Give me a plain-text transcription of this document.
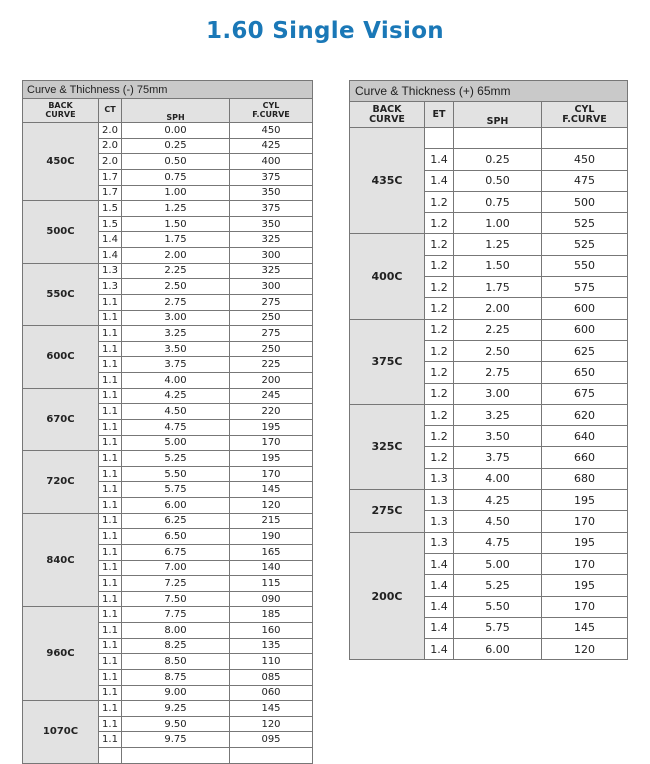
1.60 Single Vision
Curve & Thichness (-) 75mm			
BACK
CURVE	CT	SPH	CYL
F.CURVE
450C	2.0	0.00	450
	2.0	0.25	425
	2.0	0.50	400
	1.7	0.75	375
	1.7	1.00	350
500C	1.5	1.25	375
	1.5	1.50	350
	1.4	1.75	325
	1.4	2.00	300
550C	1.3	2.25	325
	1.3	2.50	300
	1.1	2.75	275
	1.1	3.00	250
600C	1.1	3.25	275
	1.1	3.50	250
	1.1	3.75	225
	1.1	4.00	200
670C	1.1	4.25	245
	1.1	4.50	220
	1.1	4.75	195
	1.1	5.00	170
720C	1.1	5.25	195
	1.1	5.50	170
	1.1	5.75	145
	1.1	6.00	120
840C	1.1	6.25	215
	1.1	6.50	190
	1.1	6.75	165
	1.1	7.00	140
	1.1	7.25	115
	1.1	7.50	090
960C	1.1	7.75	185
	1.1	8.00	160
	1.1	8.25	135
	1.1	8.50	110
	1.1	8.75	085
	1.1	9.00	060
1070C	1.1	9.25	145
	1.1	9.50	120
	1.1	9.75	095

Curve & Thickness (+) 65mm			
BACK
CURVE	ET	SPH	CYL
F.CURVE
435C			
	1.4	0.25	450
	1.4	0.50	475
	1.2	0.75	500
	1.2	1.00	525
400C	1.2	1.25	525
	1.2	1.50	550
	1.2	1.75	575
	1.2	2.00	600
375C	1.2	2.25	600
	1.2	2.50	625
	1.2	2.75	650
	1.2	3.00	675
325C	1.2	3.25	620
	1.2	3.50	640
	1.2	3.75	660
	1.3	4.00	680
275C	1.3	4.25	195
	1.3	4.50	170
200C	1.3	4.75	195
	1.4	5.00	170
	1.4	5.25	195
	1.4	5.50	170
	1.4	5.75	145
	1.4	6.00	120
